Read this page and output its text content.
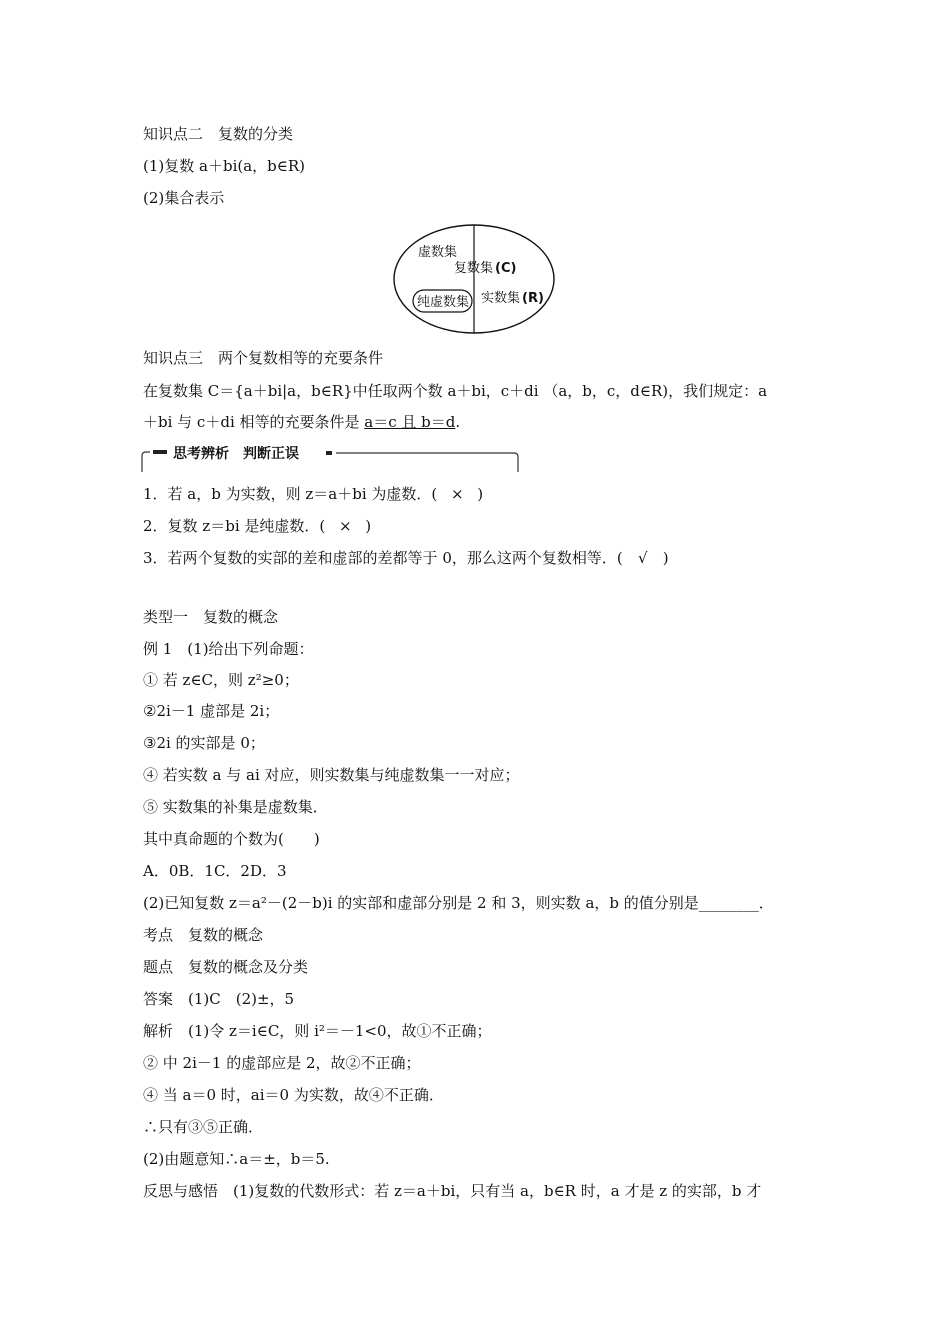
知识点二　复数的分类
(1)复数 a＋bi(a，b∈R)
(2)集合表示
虚数集
复数集 (C)
纯虚数集 实数集 (R)
知识点三　两个复数相等的充要条件
在复数集 C＝{a＋bi|a，b∈R}中任取两个数 a＋bi，c＋di （a，b，c，d∈R)，我们规定：a
＋bi 与 c＋di 相等的充要条件是 a＝c 且 b＝d.
思考辨析　判断正误
1．若 a，b 为实数，则 z＝a＋bi 为虚数．( × )
2．复数 z＝bi 是纯虚数．( × )
3．若两个复数的实部的差和虚部的差都等于 0，那么这两个复数相等．( √ )
类型一　复数的概念
例 1　(1)给出下列命题：
① 若 z∈C，则 z²≥0；
②2i－1 虚部是 2i；
③2i 的实部是 0；
④ 若实数 a 与 ai 对应，则实数集与纯虚数集一一对应；
⑤ 实数集的补集是虚数集．
其中真命题的个数为(　　)
A．0B．1C．2D．3
(2)已知复数 z＝a²－(2－b)i 的实部和虚部分别是 2 和 3，则实数 a，b 的值分别是________．
考点　复数的概念
题点　复数的概念及分类
答案　(1)C　(2)±，5
解析　(1)令 z＝i∈C，则 i²＝－1<0，故①不正确；
② 中 2i－1 的虚部应是 2，故②不正确；
④ 当 a＝0 时，ai＝0 为实数，故④不正确．
∴只有③⑤正确．
(2)由题意知∴a＝±，b＝5.
反思与感悟　(1)复数的代数形式：若 z＝a＋bi，只有当 a，b∈R 时，a 才是 z 的实部，b 才
